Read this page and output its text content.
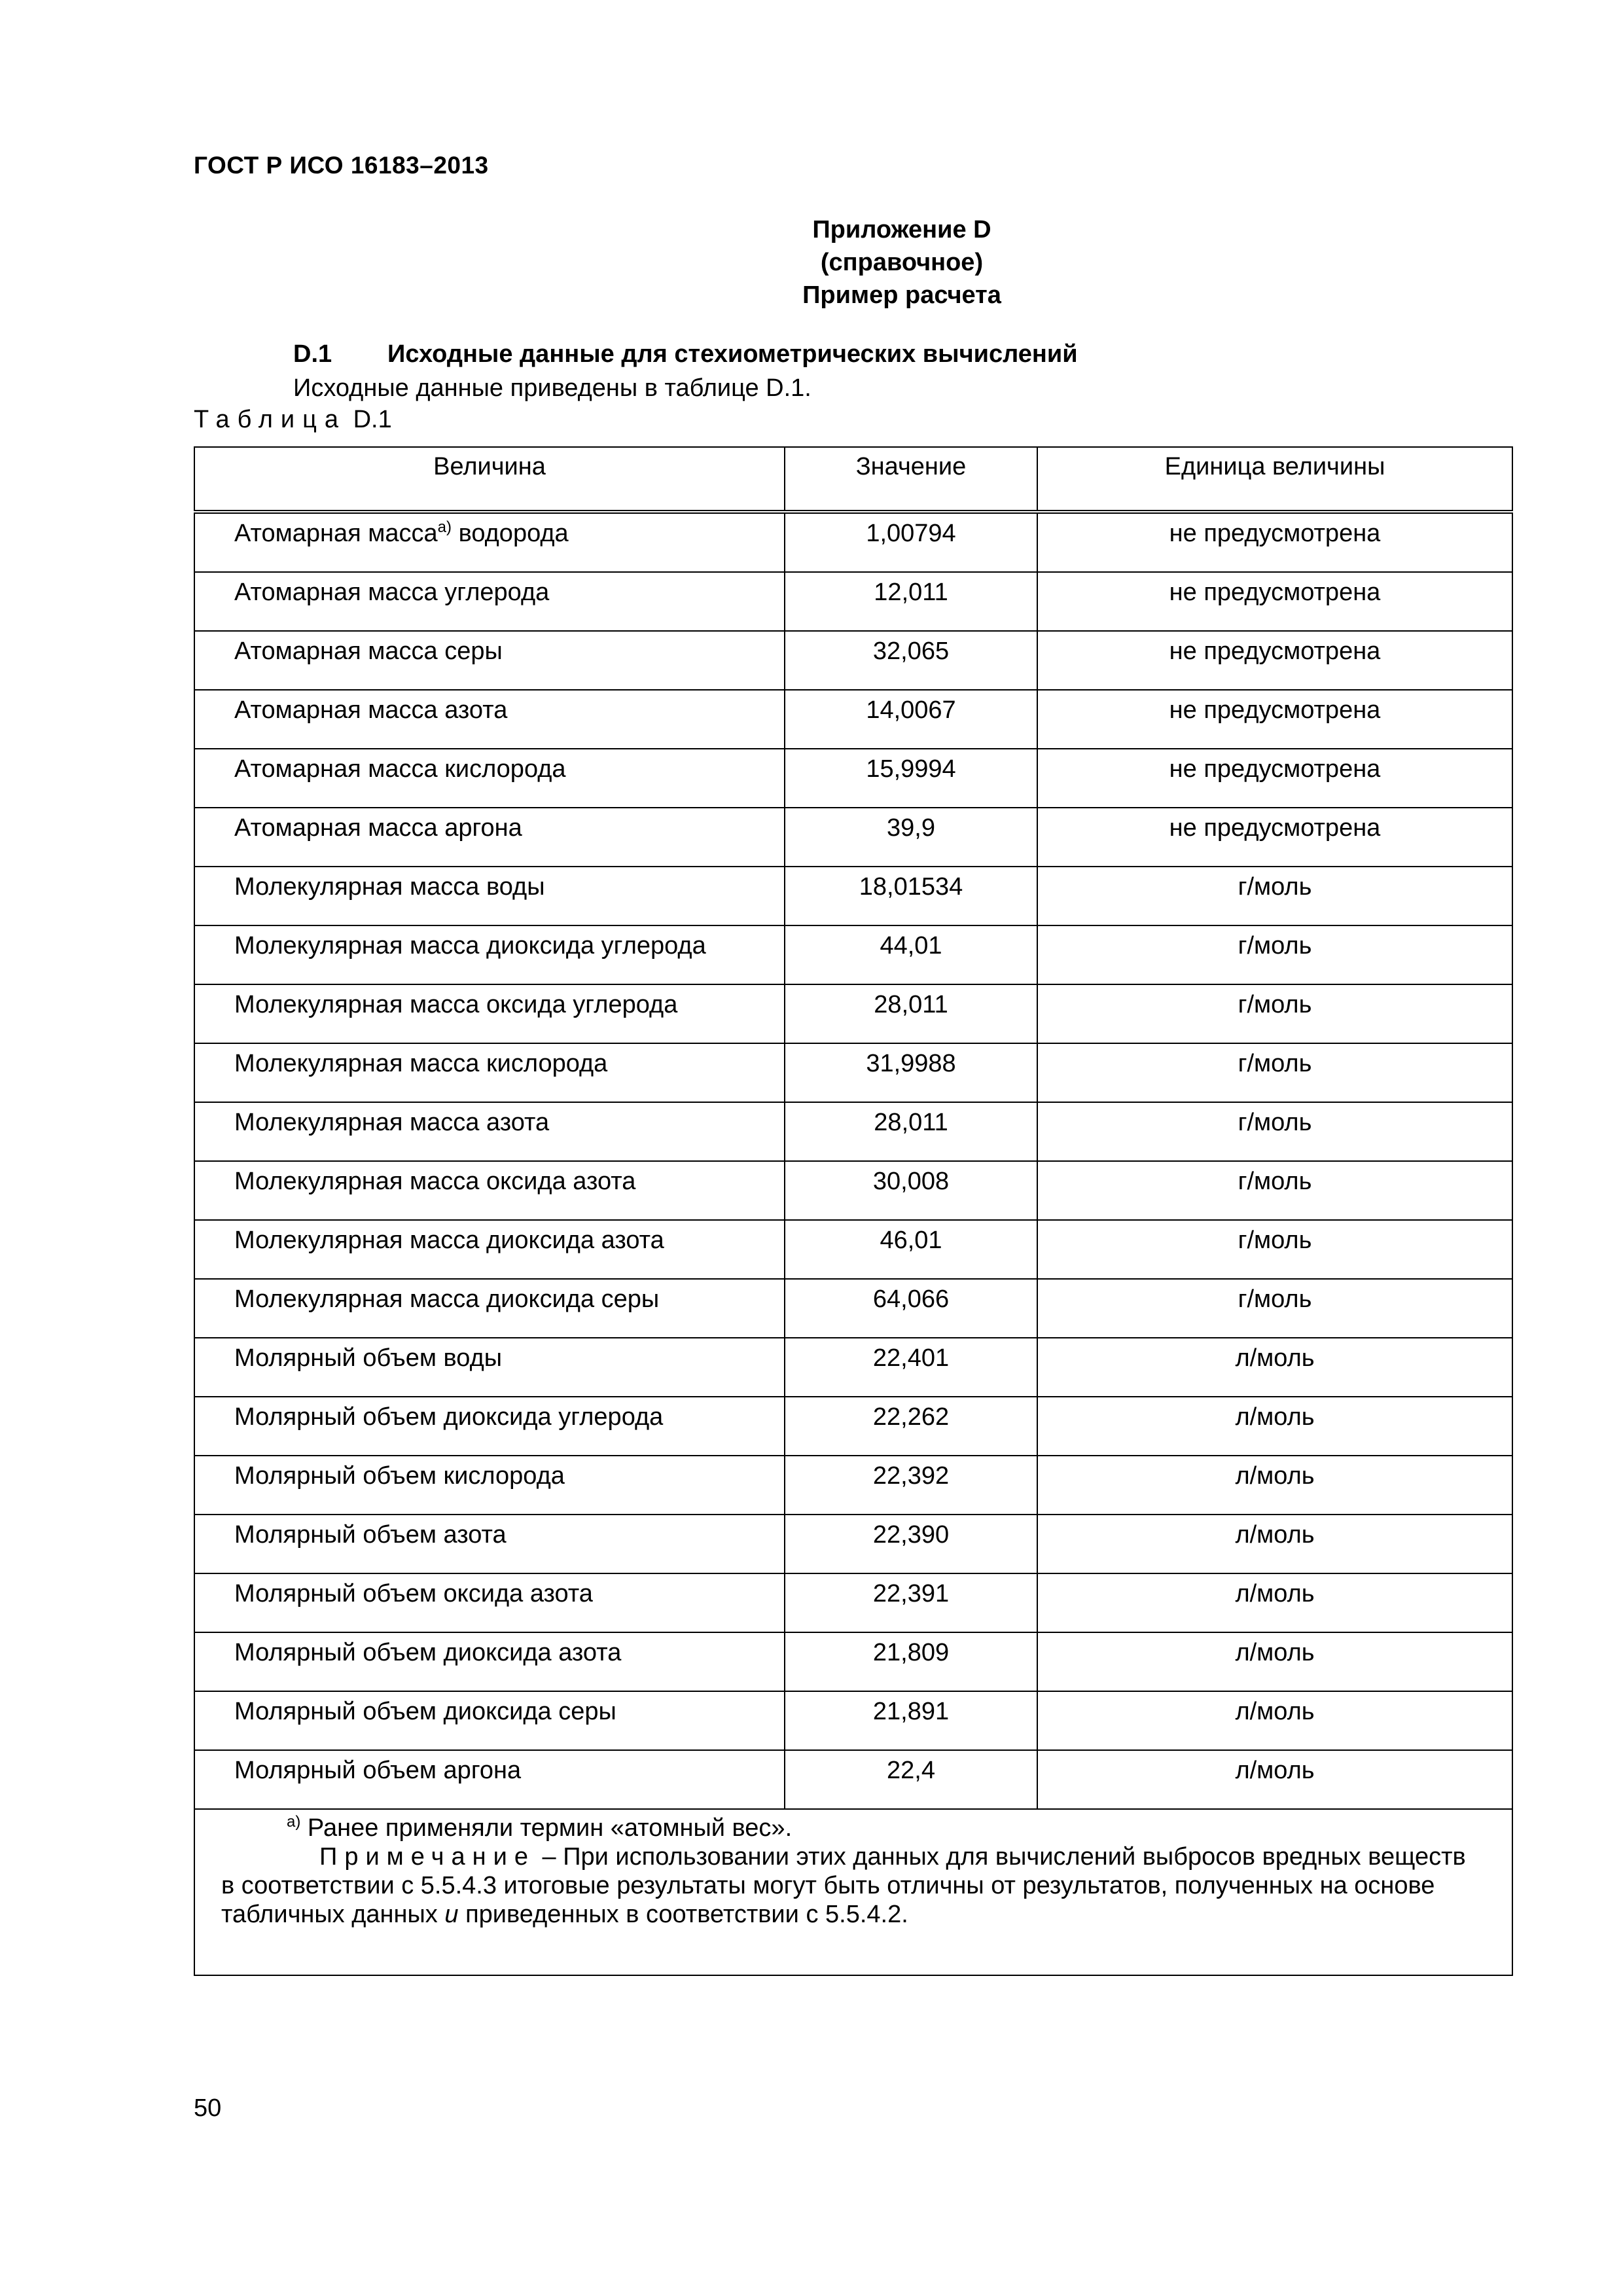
ГОСТ Р ИСО 16183–2013
Приложение D
(справочное)
Пример расчета
D.1 Исходные данные для стехиометрических вычислений
Исходные данные приведены в таблице D.1.
Таблица D.1
Величина	Значение	Единица величины
Атомарная масса$^{а)}$ водорода	1,00794	не предусмотрена
Атомарная масса углерода	12,011	не предусмотрена
Атомарная масса серы	32,065	не предусмотрена
Атомарная масса азота	14,0067	не предусмотрена
Атомарная масса кислорода	15,9994	не предусмотрена
Атомарная масса аргона	39,9	не предусмотрена
Молекулярная масса воды	18,01534	г/моль
Молекулярная масса диоксида углерода	44,01	г/моль
Молекулярная масса оксида углерода	28,011	г/моль
Молекулярная масса кислорода	31,9988	г/моль
Молекулярная масса азота	28,011	г/моль
Молекулярная масса оксида азота	30,008	г/моль
Молекулярная масса диоксида азота	46,01	г/моль
Молекулярная масса диоксида серы	64,066	г/моль
Молярный объем воды	22,401	л/моль
Молярный объем диоксида углерода	22,262	л/моль
Молярный объем кислорода	22,392	л/моль
Молярный объем азота	22,390	л/моль
Молярный объем оксида азота	22,391	л/моль
Молярный объем диоксида азота	21,809	л/моль
Молярный объем диоксида серы	21,891	л/моль
Молярный объем аргона	22,4	л/моль

$^{а)}$ Ранее применяли термин «атомный вес».
Примечание – При использовании этих данных для вычислений выбросов вредных веществ в соответствии с 5.5.4.3 итоговые результаты могут быть отличны от результатов, полученных на основе табличных данных и приведенных в соответствии с 5.5.4.2.		
50
